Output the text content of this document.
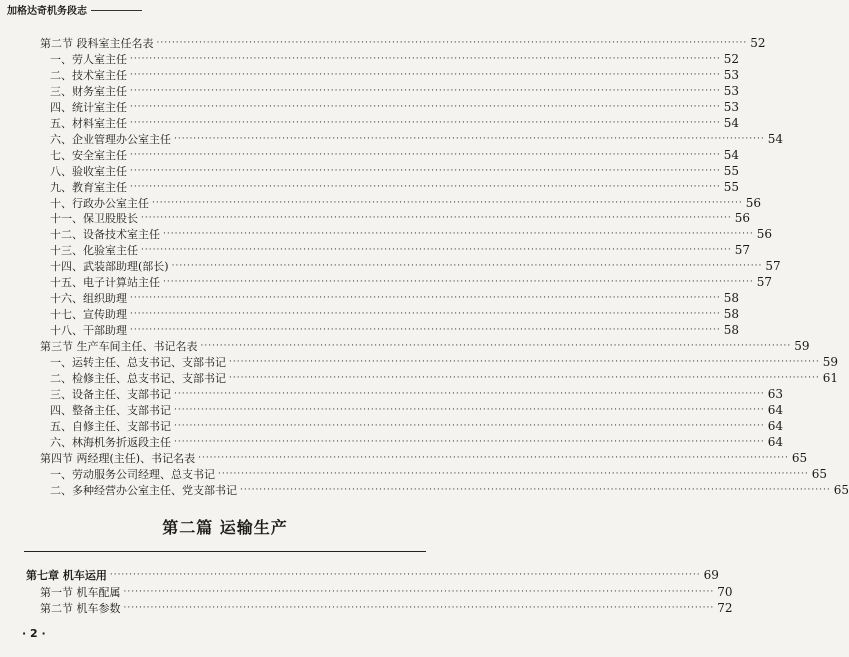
加格达奇机务段志
第二节 段科室主任名表 ························································································································································· 52
一、劳人室主任 ························································································································································· 52
二、技术室主任 ························································································································································· 53
三、财务室主任 ························································································································································· 53
四、统计室主任 ························································································································································· 53
五、材料室主任 ························································································································································· 54
六、企业管理办公室主任 ························································································································································· 54
七、安全室主任 ························································································································································· 54
八、验收室主任 ························································································································································· 55
九、教育室主任 ························································································································································· 55
十、行政办公室主任 ························································································································································· 56
十一、保卫股股长 ························································································································································· 56
十二、设备技术室主任 ························································································································································· 56
十三、化验室主任 ························································································································································· 57
十四、武装部助理(部长) ························································································································································· 57
十五、电子计算站主任 ························································································································································· 57
十六、组织助理 ························································································································································· 58
十七、宣传助理 ························································································································································· 58
十八、干部助理 ························································································································································· 58
第三节 生产车间主任、书记名表 ························································································································································· 59
一、运转主任、总支书记、支部书记 ························································································································································· 59
二、检修主任、总支书记、支部书记 ························································································································································· 61
三、设备主任、支部书记 ························································································································································· 63
四、整备主任、支部书记 ························································································································································· 64
五、自修主任、支部书记 ························································································································································· 64
六、林海机务折返段主任 ························································································································································· 64
第四节 两经理(主任)、书记名表 ························································································································································· 65
一、劳动服务公司经理、总支书记 ························································································································································· 65
二、多种经营办公室主任、党支部书记 ························································································································································· 65
第七章 机车运用 ························································································································································· 69
第一节 机车配属 ························································································································································· 70
第二节 机车参数 ························································································································································· 72
第二篇 运输生产
· 2 ·
